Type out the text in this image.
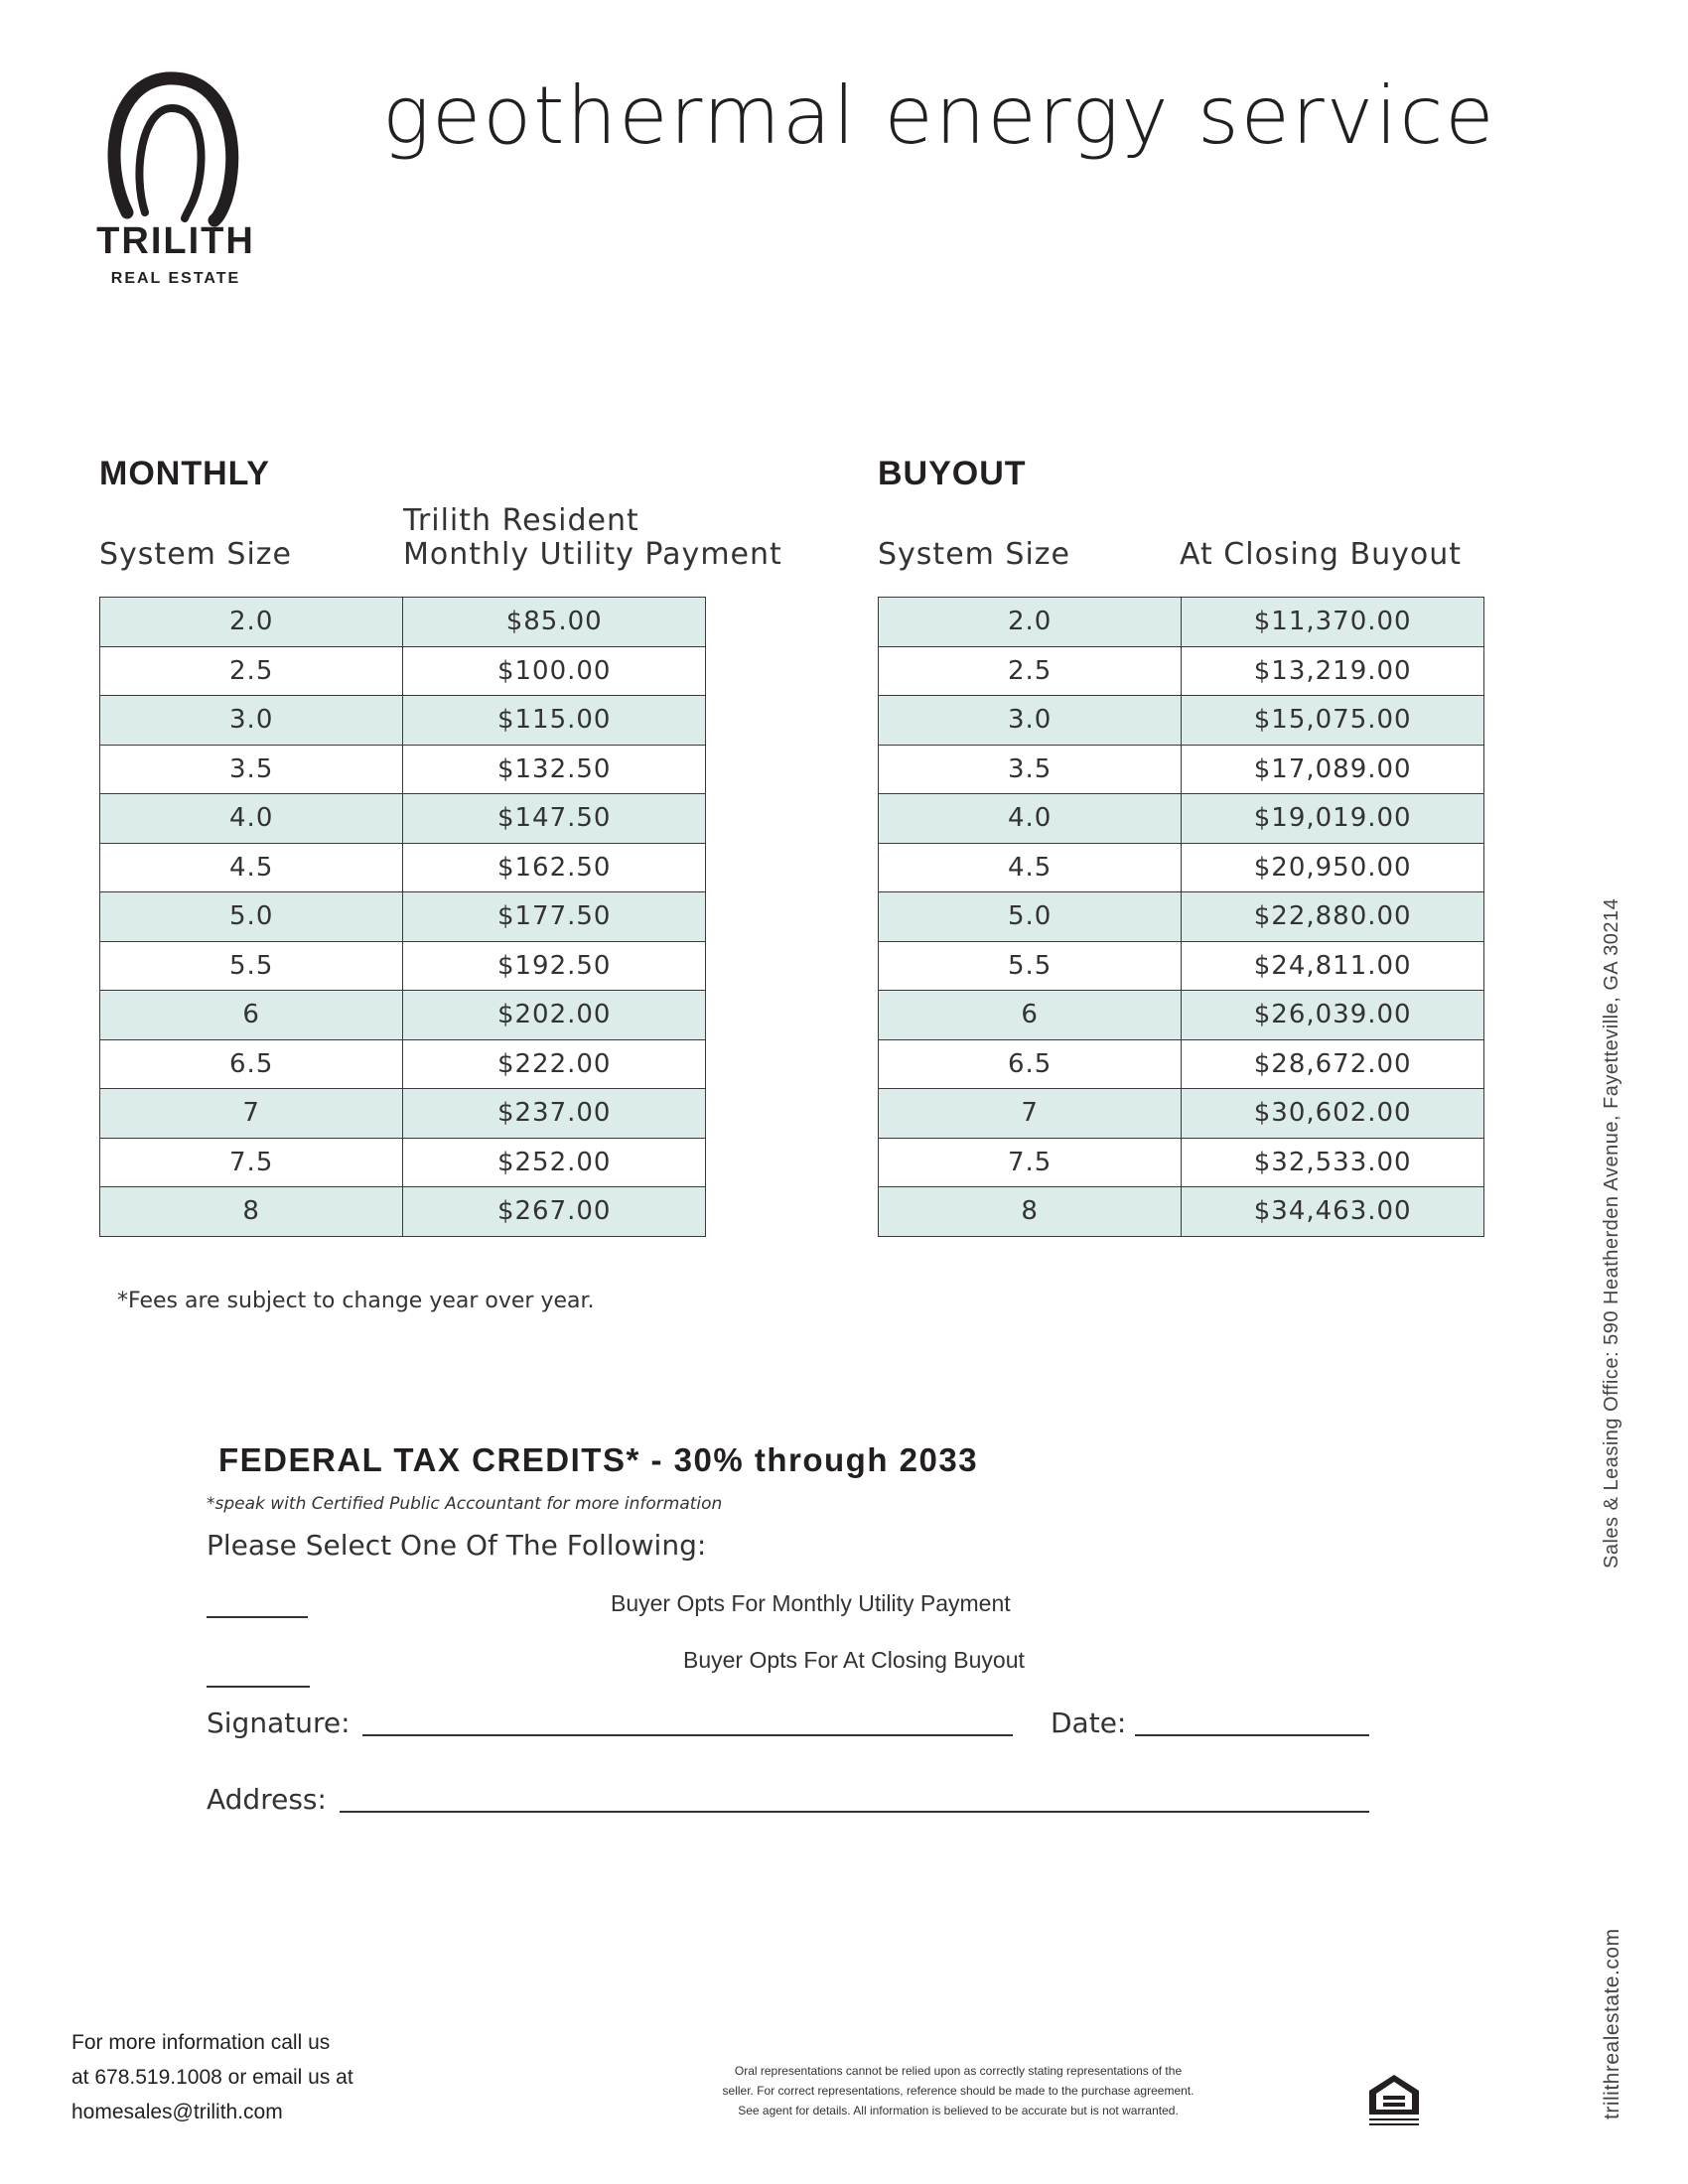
TRILITH
REAL ESTATE
geothermal energy service
MONTHLY
System Size
Trilith Resident
Monthly Utility Payment
2.0	$85.00
2.5	$100.00
3.0	$115.00
3.5	$132.50
4.0	$147.50
4.5	$162.50
5.0	$177.50
5.5	$192.50
6	$202.00
6.5	$222.00
7	$237.00
7.5	$252.00
8	$267.00
BUYOUT
System Size	At Closing Buyout
2.0	$11,370.00
2.5	$13,219.00
3.0	$15,075.00
3.5	$17,089.00
4.0	$19,019.00
4.5	$20,950.00
5.0	$22,880.00
5.5	$24,811.00
6	$26,039.00
6.5	$28,672.00
7	$30,602.00
7.5	$32,533.00
8	$34,463.00
*Fees are subject to change year over year.
FEDERAL TAX CREDITS* - 30% through 2033
*speak with Certified Public Accountant for more information
Please Select One Of The Following:
Buyer Opts For Monthly Utility Payment
Buyer Opts For At Closing Buyout
Signature:	Date:
Address:
For more information call us
at 678.519.1008 or email us at
homesales@trilith.com
Oral representations cannot be relied upon as correctly stating representations of the
seller. For correct representations, reference should be made to the purchase agreement.
See agent for details. All information is believed to be accurate but is not warranted.
Sales & Leasing Office: 590 Heatherden Avenue, Fayetteville, GA 30214
trilithrealestate.com
